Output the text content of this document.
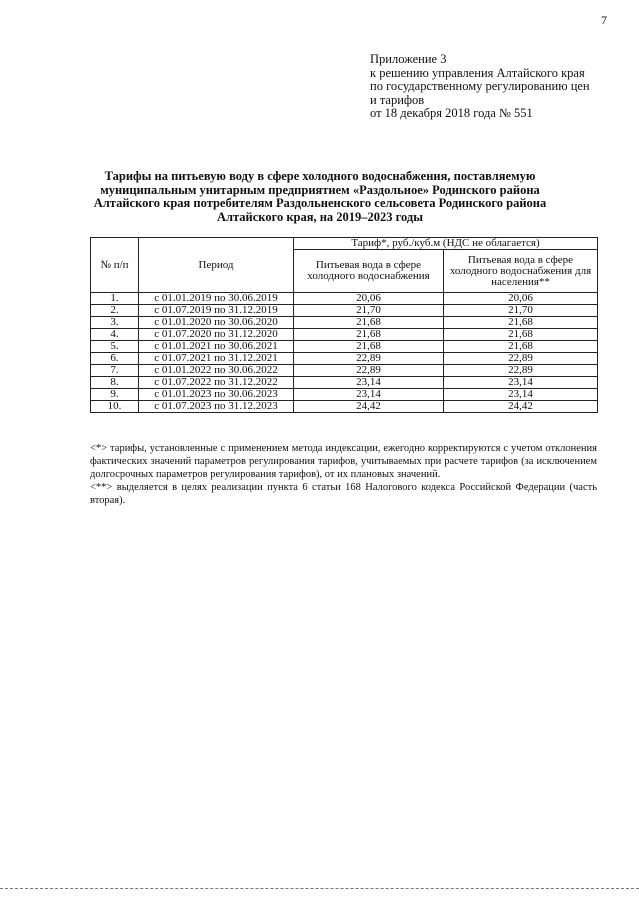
7
Приложение 3
к решению управления Алтайского края
по государственному регулированию цен
и тарифов
от 18 декабря 2018 года № 551
Тарифы на питьевую воду в сфере холодного водоснабжения, поставляемую
муниципальным унитарным предприятием «Раздольное» Родинского района
Алтайского края потребителям Раздольненского сельсовета Родинского района
Алтайского края, на 2019–2023 годы
№ п/п	Период	Тариф*, руб./куб.м (НДС не облагается)	
		Питьевая вода в сфере холодного водоснабжения	Питьевая вода в сфере холодного водоснабжения для населения**
1.	с 01.01.2019 по 30.06.2019	20,06	20,06
2.	с 01.07.2019 по 31.12.2019	21,70	21,70
3.	с 01.01.2020 по 30.06.2020	21,68	21,68
4.	с 01.07.2020 по 31.12.2020	21,68	21,68
5.	с 01.01.2021 по 30.06.2021	21,68	21,68
6.	с 01.07.2021 по 31.12.2021	22,89	22,89
7.	с 01.01.2022 по 30.06.2022	22,89	22,89
8.	с 01.07.2022 по 31.12.2022	23,14	23,14
9.	с 01.01.2023 по 30.06.2023	23,14	23,14
10.	с 01.07.2023 по 31.12.2023	24,42	24,42

<*> тарифы, установленные с применением метода индексации, ежегодно корректируются с учетом отклонения фактических значений параметров регулирования тарифов, учитываемых при расчете тарифов (за исключением долгосрочных параметров регулирования тарифов), от их плановых значений.

<**> выделяется в целях реализации пункта 6 статьи 168 Налогового кодекса Российской Федерации (часть вторая).
